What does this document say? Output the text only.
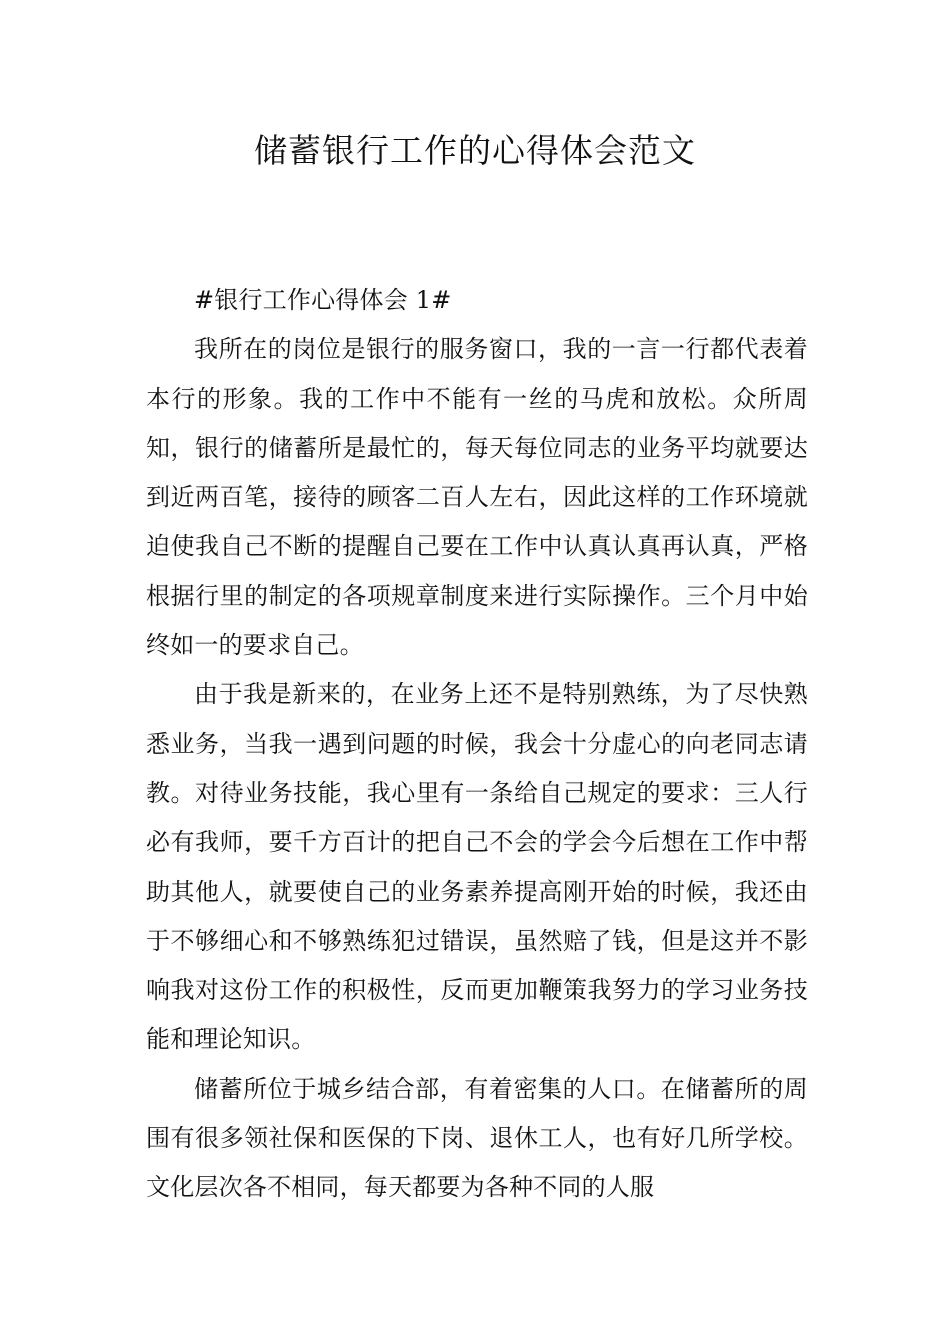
储蓄银行工作的心得体会范文

#银行工作心得体会 1#

我所在的岗位是银行的服务窗口，我的一言一行都代表着本行的形象。我的工作中不能有一丝的马虎和放松。众所周知，银行的储蓄所是最忙的，每天每位同志的业务平均就要达到近两百笔，接待的顾客二百人左右，因此这样的工作环境就迫使我自己不断的提醒自己要在工作中认真认真再认真，严格根据行里的制定的各项规章制度来进行实际操作。三个月中始终如一的要求自己。

由于我是新来的，在业务上还不是特别熟练，为了尽快熟悉业务，当我一遇到问题的时候，我会十分虚心的向老同志请教。对待业务技能，我心里有一条给自己规定的要求：三人行必有我师，要千方百计的把自己不会的学会今后想在工作中帮助其他人，就要使自己的业务素养提高刚开始的时候，我还由于不够细心和不够熟练犯过错误，虽然赔了钱，但是这并不影响我对这份工作的积极性，反而更加鞭策我努力的学习业务技能和理论知识。

储蓄所位于城乡结合部，有着密集的人口。在储蓄所的周围有很多领社保和医保的下岗、退休工人，也有好几所学校。文化层次各不相同，每天都要为各种不同的人服
